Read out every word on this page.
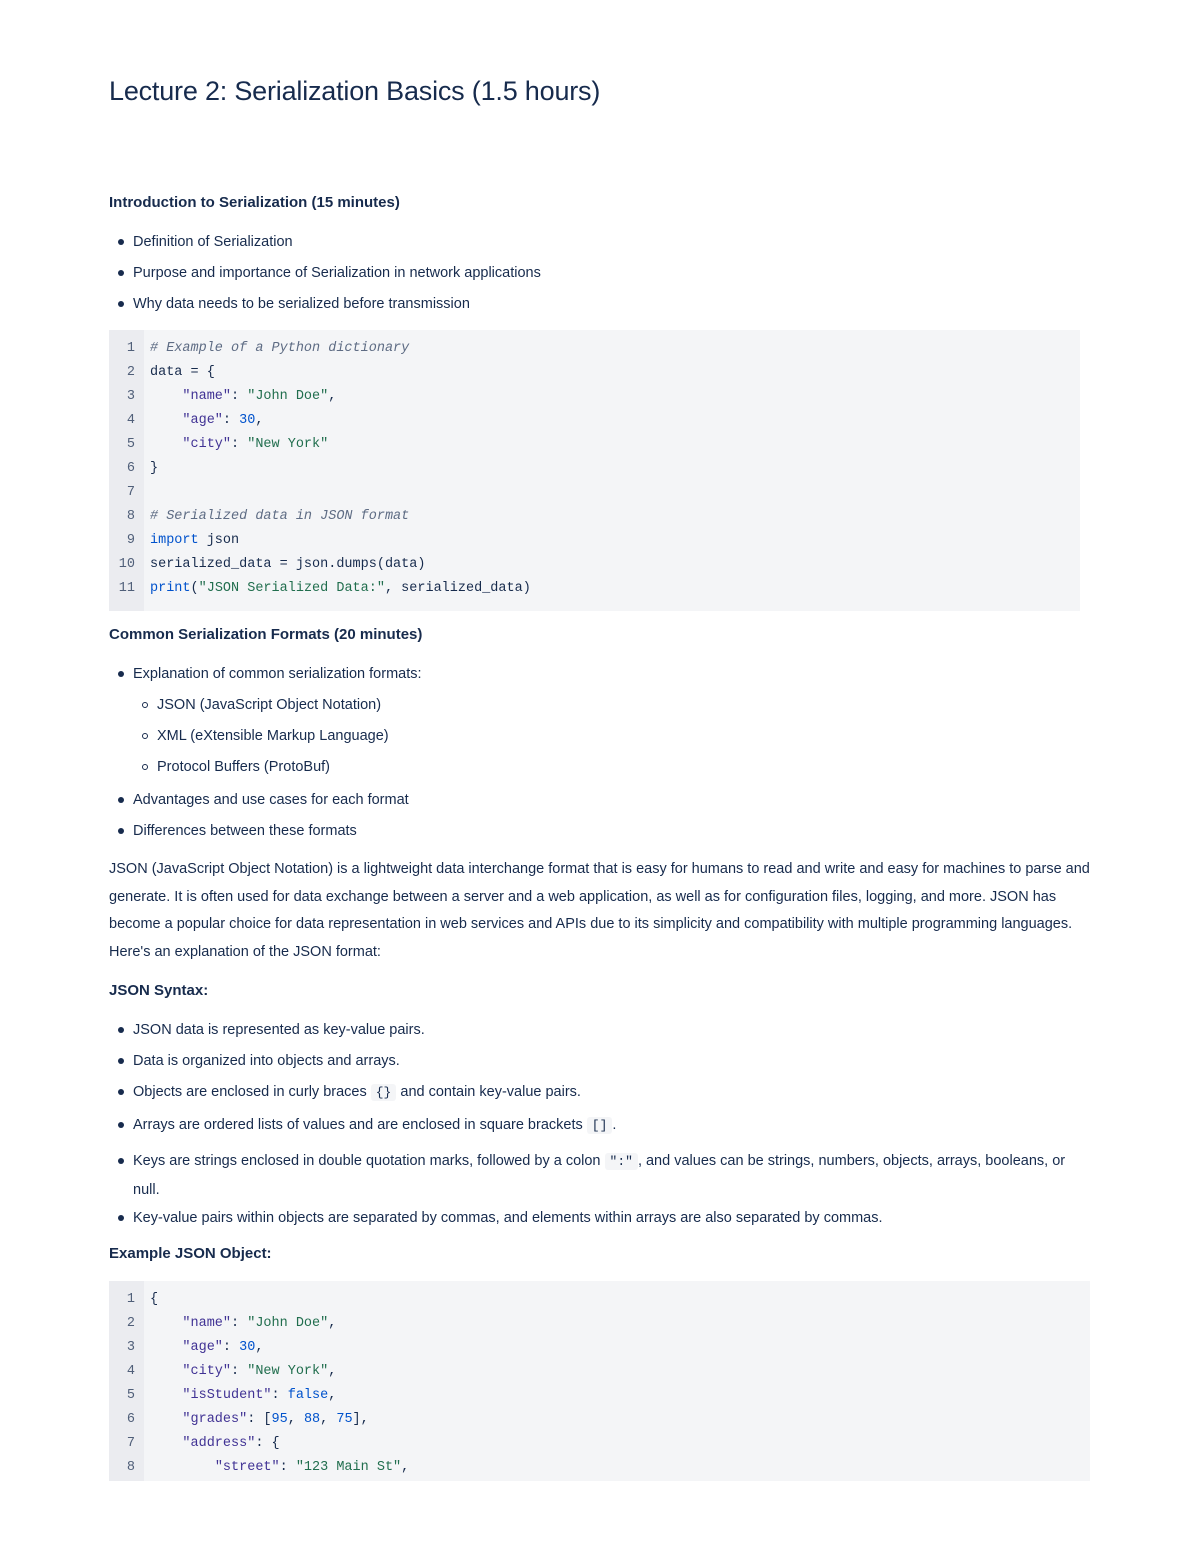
Lecture 2: Serialization Basics (1.5 hours)
Introduction to Serialization (15 minutes)
Definition of Serialization
Purpose and importance of Serialization in network applications
Why data needs to be serialized before transmission
1 # Example of a Python dictionary
2 data = {
3	"name": "John Doe",
4	"age": 30,
5	"city": "New York"
6 }
7
8 # Serialized data in JSON format
9 import json
10 serialized_data = json.dumps(data)
11 print("JSON Serialized Data:", serialized_data)
Common Serialization Formats (20 minutes)
Explanation of common serialization formats:
JSON (JavaScript Object Notation)
XML (eXtensible Markup Language)
Protocol Buffers (ProtoBuf)
Advantages and use cases for each format
Differences between these formats

JSON (JavaScript Object Notation) is a lightweight data interchange format that is easy for humans to read and write and easy for machines to parse and generate. It is often used for data exchange between a server and a web application, as well as for configuration files, logging, and more. JSON has become a popular choice for data representation in web services and APIs due to its simplicity and compatibility with multiple programming languages. Here's an explanation of the JSON format:

JSON Syntax:
JSON data is represented as key-value pairs.
Data is organized into objects and arrays.
Objects are enclosed in curly braces {} and contain key-value pairs.
Arrays are ordered lists of values and are enclosed in square brackets [] .
Keys are strings enclosed in double quotation marks, followed by a colon ":" , and values can be strings, numbers, objects, arrays, booleans, or null.
Key-value pairs within objects are separated by commas, and elements within arrays are also separated by commas.
Example JSON Object:
1 {
2	"name": "John Doe",
3	"age": 30,
4	"city": "New York",
5	"isStudent": false,
6	"grades": [95, 88, 75],
7	"address": {
8	"street": "123 Main St",
